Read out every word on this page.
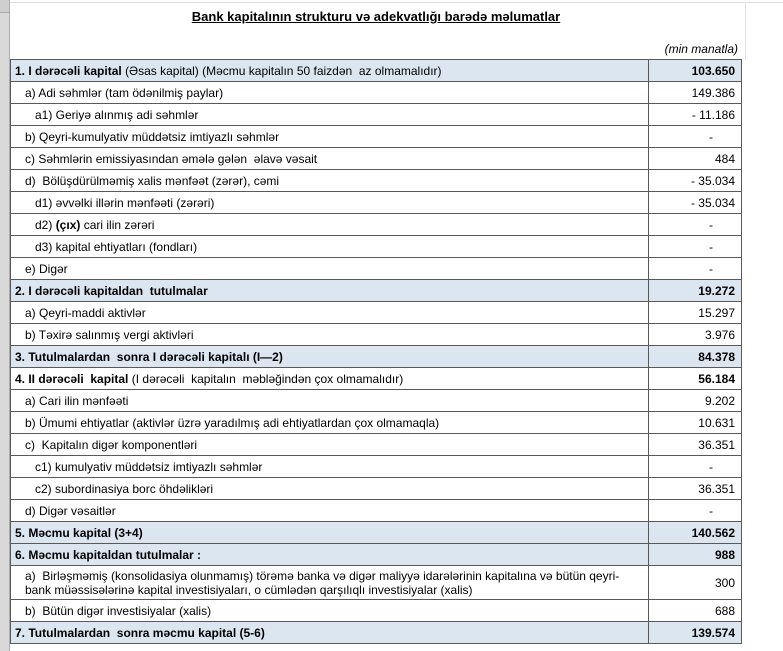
Bank kapitalının strukturu və adekvatlığı barədə məlumatlar
(min manatla)
1. I dərəcəli kapital (Əsas kapital) (Məcmu kapitalın 50 faizdən  az olmamalıdır)	103.650
a) Adi səhmlər (tam ödənilmiş paylar)	149.386
a1) Geriyə alınmış adi səhmlər	- 11.186
b) Qeyri-kumulyativ müddətsiz imtiyazlı səhmlər	-
c) Səhmlərin emissiyasından əmələ gələn  əlavə vəsait	484
d)  Bölüşdürülməmiş xalis mənfəət (zərər), cəmi	- 35.034
d1) əvvəlki illərin mənfəəti (zərəri)	- 35.034
d2) (çıx) cari ilin zərəri	-
d3) kapital ehtiyatları (fondları)	-
e) Digər	-
2. I dərəcəli kapitaldan  tutulmalar	19.272
a) Qeyri-maddi aktivlər	15.297
b) Təxirə salınmış vergi aktivləri	3.976
3. Tutulmalardan  sonra I dərəcəli kapitalı (I—2)	84.378
4. II dərəcəli  kapital (I dərəcəli  kapitalın  məbləğindən çox olmamalıdır)	56.184
a) Cari ilin mənfəəti	9.202
b) Ümumi ehtiyatlar (aktivlər üzrə yaradılmış adi ehtiyatlardan çox olmamaqla)	10.631
c)  Kapitalın digər komponentləri	36.351
c1) kumulyativ müddətsiz imtiyazlı səhmlər	-
c2) subordinasiya borc öhdəlikləri	36.351
d) Digər vəsaitlər	-
5. Məcmu kapital (3+4)	140.562
6. Məcmu kapitaldan tutulmalar :	988
a)  Birləşməmiş (konsolidasiya olunmamış) törəmə banka və digər maliyyə idarələrinin kapitalına və bütün qeyri-bank müəssisələrinə kapital investisiyaları, o cümlədən qarşılıqlı investisiyalar (xalis)	300
b)  Bütün digər investisiyalar (xalis)	688
7. Tutulmalardan  sonra məcmu kapital (5-6)	139.574
